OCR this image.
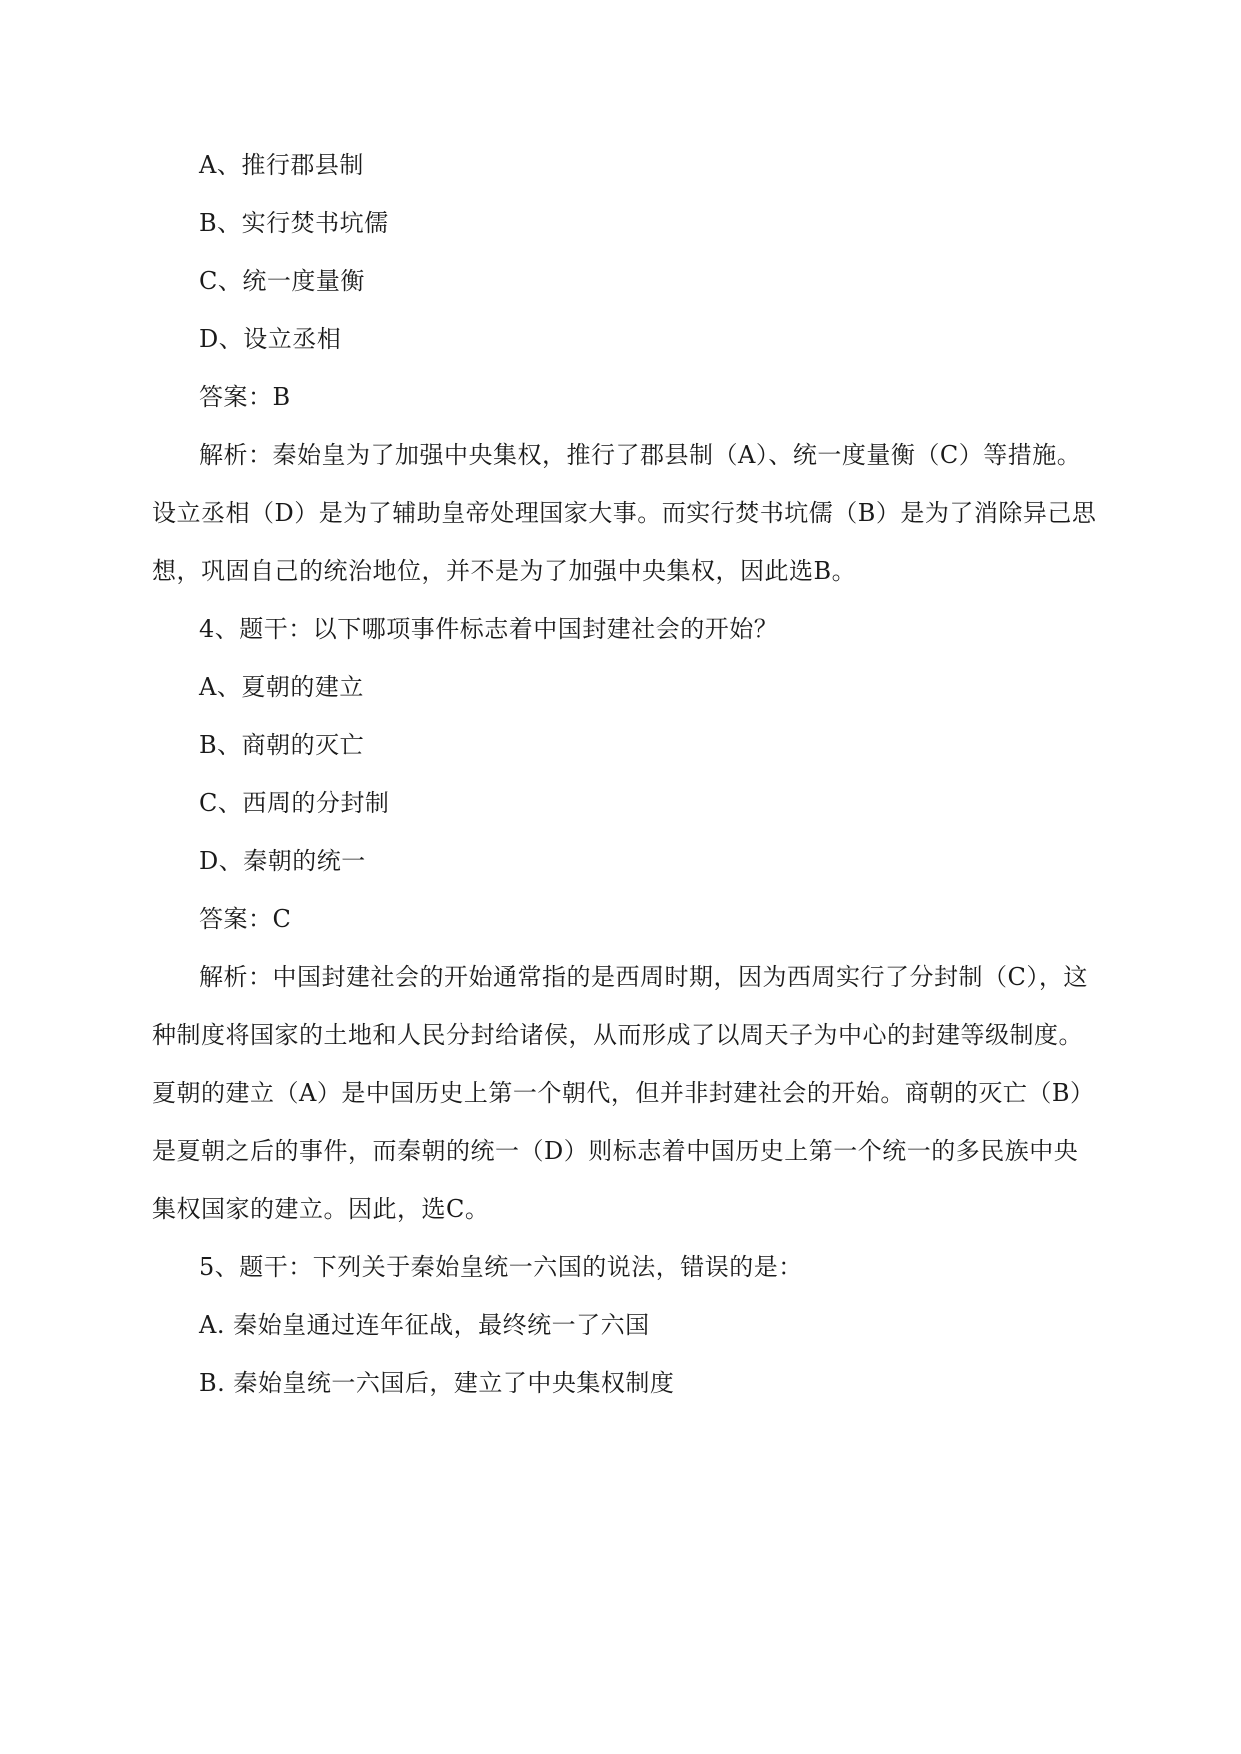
A、推行郡县制
B、实行焚书坑儒
C、统一度量衡
D、设立丞相
答案：B
解析：秦始皇为了加强中央集权，推行了郡县制（A）、统一度量衡（C）等措施。
设立丞相（D）是为了辅助皇帝处理国家大事。而实行焚书坑儒（B）是为了消除异己思
想，巩固自己的统治地位，并不是为了加强中央集权，因此选B。
4、题干：以下哪项事件标志着中国封建社会的开始？
A、夏朝的建立
B、商朝的灭亡
C、西周的分封制
D、秦朝的统一
答案：C
解析：中国封建社会的开始通常指的是西周时期，因为西周实行了分封制（C），这
种制度将国家的土地和人民分封给诸侯，从而形成了以周天子为中心的封建等级制度。
夏朝的建立（A）是中国历史上第一个朝代，但并非封建社会的开始。商朝的灭亡（B）
是夏朝之后的事件，而秦朝的统一（D）则标志着中国历史上第一个统一的多民族中央
集权国家的建立。因此，选C。
5、题干：下列关于秦始皇统一六国的说法，错误的是：
A. 秦始皇通过连年征战，最终统一了六国
B. 秦始皇统一六国后，建立了中央集权制度
